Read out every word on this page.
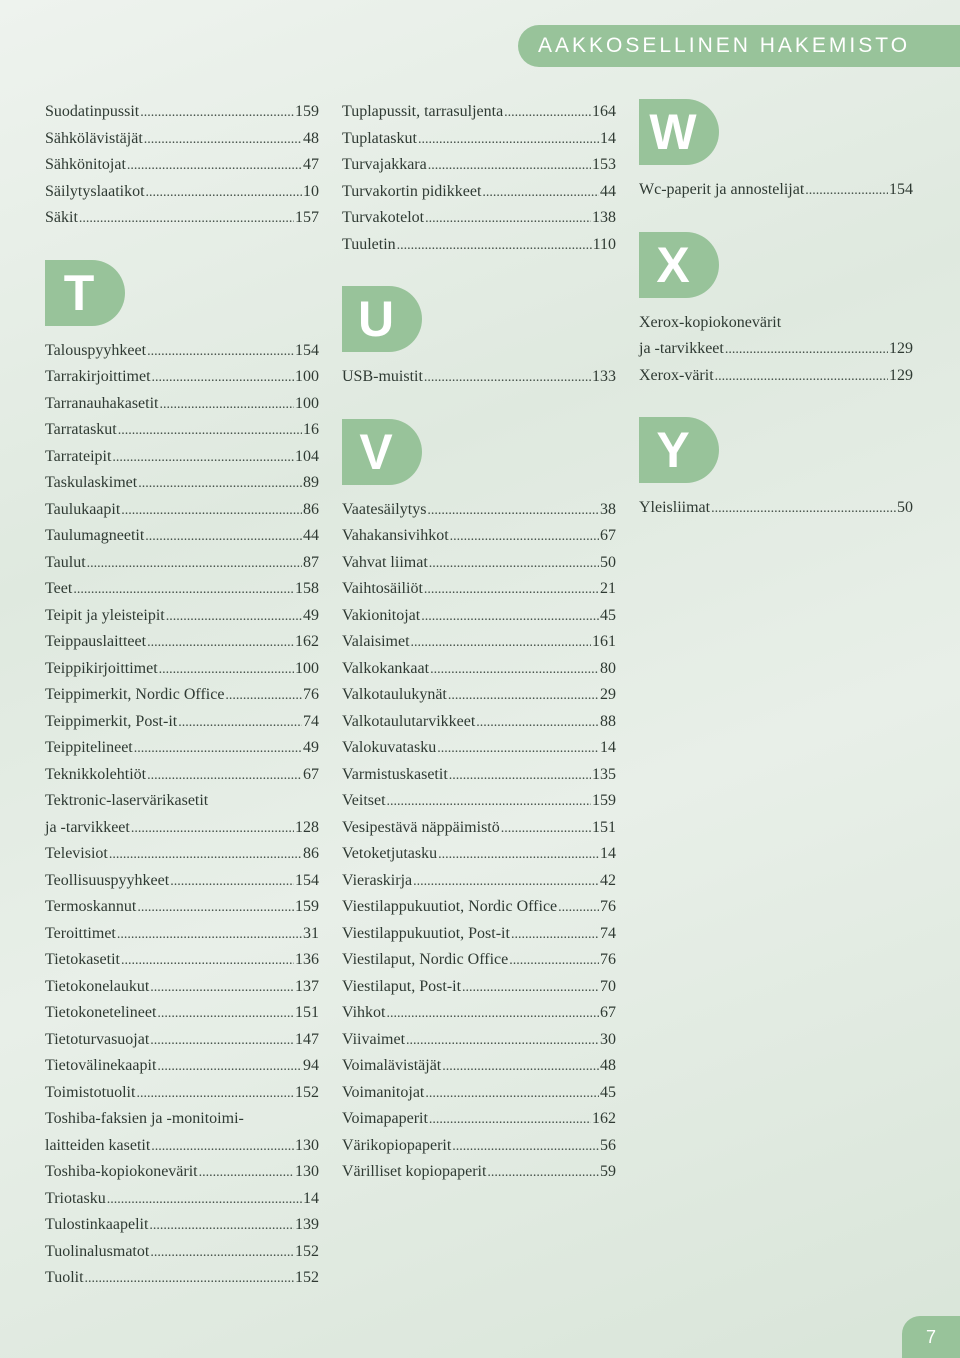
AAKKOSELLINEN HAKEMISTO
Suodatinpussit .....	159
Sähkölävistäjät .....	48
Sähkönitojat .....	47
Säilytyslaatikot .....	10
Säkit .....	157
T
Talouspyyhkeet .....	154
Tarrakirjoittimet .....	100
Tarranauhakasetit .....	100
Tarrataskut .....	16
Tarrateipit .....	104
Taskulaskimet .....	89
Taulukaapit .....	86
Taulumagneetit .....	44
Taulut .....	87
Teet .....	158
Teipit ja yleisteipit .....	49
Teippauslaitteet .....	162
Teippikirjoittimet .....	100
Teippimerkit, Nordic Office .....	76
Teippimerkit, Post-it .....	74
Teippitelineet .....	49
Teknikkolehtiöt .....	67
Tektronic-laservärikasetit
ja -tarvikkeet .....	128
Televisiot .....	86
Teollisuuspyyhkeet .....	154
Termoskannut .....	159
Teroittimet .....	31
Tietokasetit .....	136
Tietokonelaukut .....	137
Tietokonetelineet .....	151
Tietoturvasuojat .....	147
Tietovälinekaapit .....	94
Toimistotuolit .....	152
Toshiba-faksien ja -monitoimi-
laitteiden kasetit .....	130
Toshiba-kopiokonevärit .....	130
Triotasku .....	14
Tulostinkaapelit .....	139
Tuolinalusmatot .....	152
Tuolit .....	152
Tuplapussit, tarrasuljenta .....	164
Tuplataskut .....	14
Turvajakkara .....	153
Turvakortin pidikkeet .....	44
Turvakotelot .....	138
Tuuletin .....	110
U
USB-muistit .....	133
V
Vaatesäilytys .....	38
Vahakansivihkot .....	67
Vahvat liimat .....	50
Vaihtosäiliöt .....	21
Vakionitojat .....	45
Valaisimet .....	161
Valkokankaat .....	80
Valkotaulukynät .....	29
Valkotaulutarvikkeet .....	88
Valokuvatasku .....	14
Varmistuskasetit .....	135
Veitset .....	159
Vesipestävä näppäimistö .....	151
Vetoketjutasku .....	14
Vieraskirja .....	42
Viestilappukuutiot, Nordic Office .....	76
Viestilappukuutiot, Post-it .....	74
Viestilaput, Nordic Office .....	76
Viestilaput, Post-it .....	70
Vihkot .....	67
Viivaimet .....	30
Voimalävistäjät .....	48
Voimanitojat .....	45
Voimapaperit .....	162
Värikopiopaperit .....	56
Värilliset kopiopaperit .....	59
W
Wc-paperit ja annostelijat .....	154
X
Xerox-kopiokonevärit
ja -tarvikkeet .....	129
Xerox-värit .....	129
Y
Yleisliimat .....	50
7
